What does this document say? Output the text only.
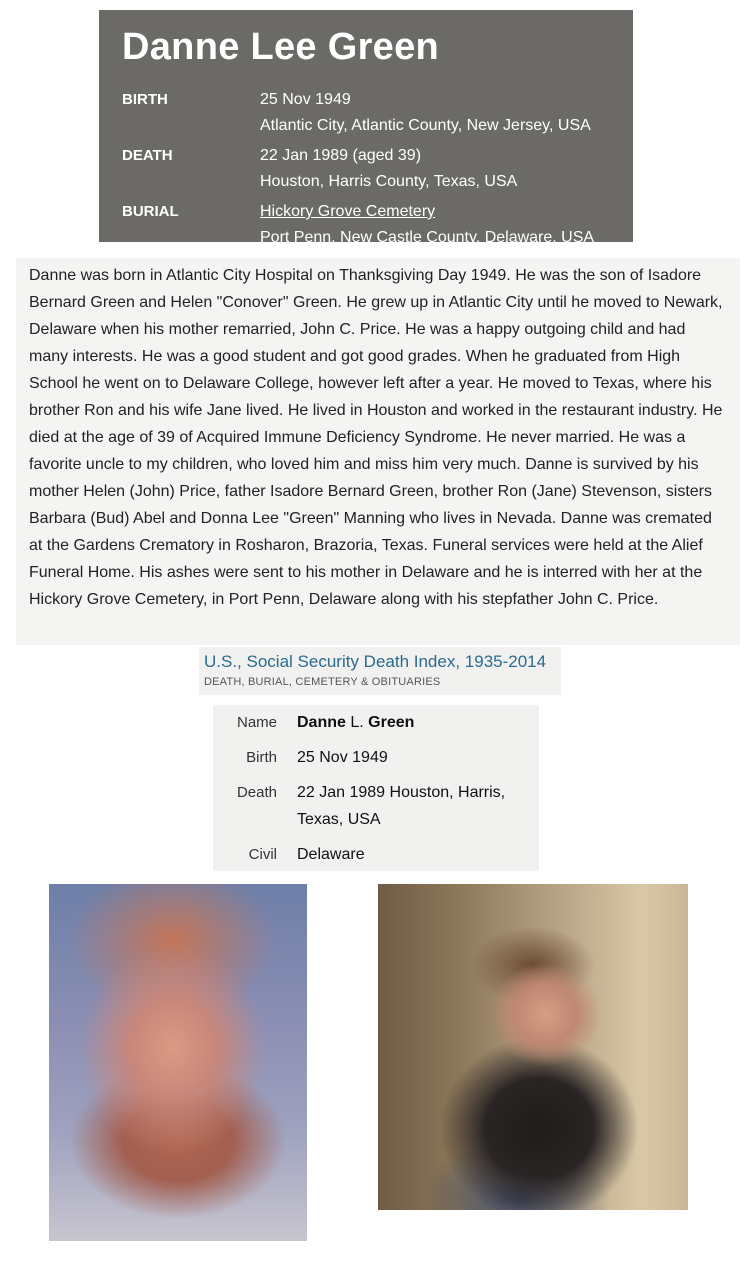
Danne Lee Green
BIRTH	25 Nov 1949
Atlantic City, Atlantic County, New Jersey, USA
DEATH	22 Jan 1989 (aged 39)
Houston, Harris County, Texas, USA
BURIAL	Hickory Grove Cemetery
Port Penn, New Castle County, Delaware, USA
Danne was born in Atlantic City Hospital on Thanksgiving Day 1949. He was the son of Isadore Bernard Green and Helen "Conover" Green. He grew up in Atlantic City until he moved to Newark, Delaware when his mother remarried, John C. Price. He was a happy outgoing child and had many interests. He was a good student and got good grades. When he graduated from High School he went on to Delaware College, however left after a year. He moved to Texas, where his brother Ron and his wife Jane lived. He lived in Houston and worked in the restaurant industry. He died at the age of 39 of Acquired Immune Deficiency Syndrome. He never married. He was a favorite uncle to my children, who loved him and miss him very much. Danne is survived by his mother Helen (John) Price, father Isadore Bernard Green, brother Ron (Jane) Stevenson, sisters Barbara (Bud) Abel and Donna Lee "Green" Manning who lives in Nevada. Danne was cremated at the Gardens Crematory in Rosharon, Brazoria, Texas. Funeral services were held at the Alief Funeral Home. His ashes were sent to his mother in Delaware and he is interred with her at the Hickory Grove Cemetery, in Port Penn, Delaware along with his stepfather John C. Price.
U.S., Social Security Death Index, 1935-2014
DEATH, BURIAL, CEMETERY & OBITUARIES
Name Danne L. Green
Birth 25 Nov 1949
Death 22 Jan 1989 Houston, Harris, Texas, USA
Civil Delaware
